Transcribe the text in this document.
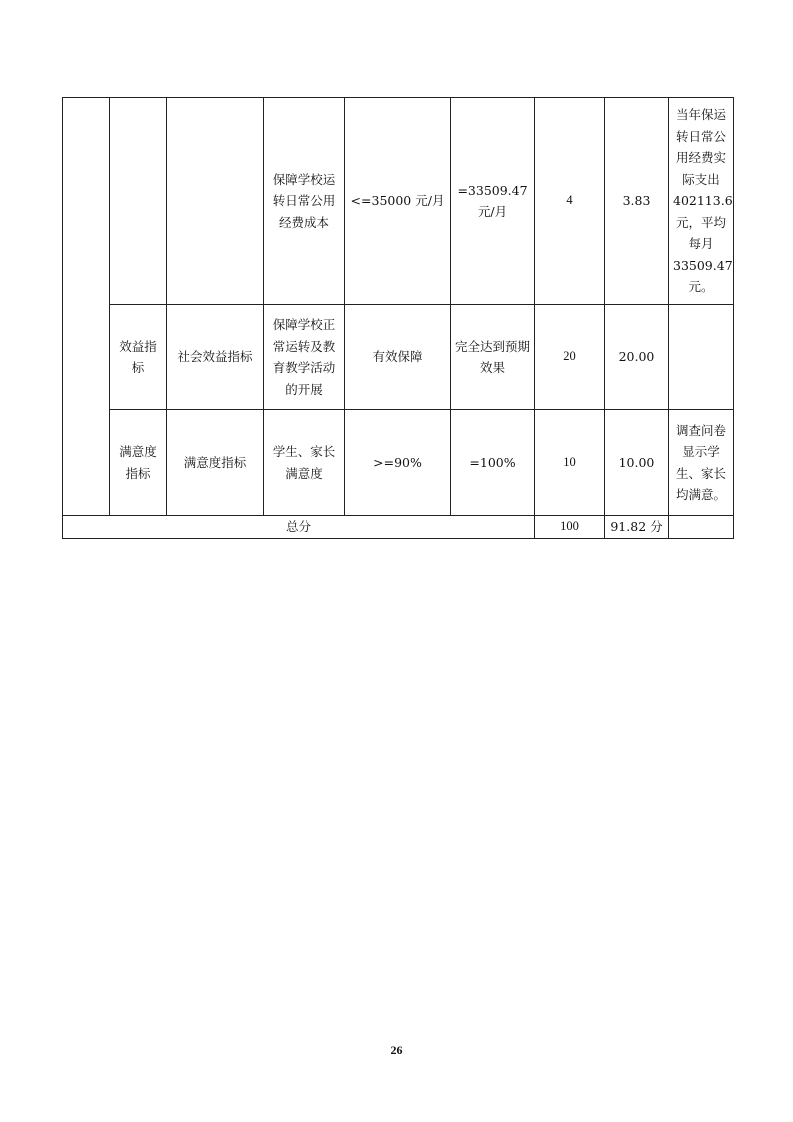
			保障学校运转日常公用经费成本	<=35000 元/月	=33509.47元/月	4	3.83	当年保运转日常公用经费实际支出402113.6元，平均每月33509.47元。
	效益指标	社会效益指标	保障学校正常运转及教育教学活动的开展	有效保障	完全达到预期效果	20	20.00	
	满意度指标	满意度指标	学生、家长满意度	>=90%	=100%	10	10.00	调查问卷显示学生、家长均满意。
总分						100	91.82 分	
26
